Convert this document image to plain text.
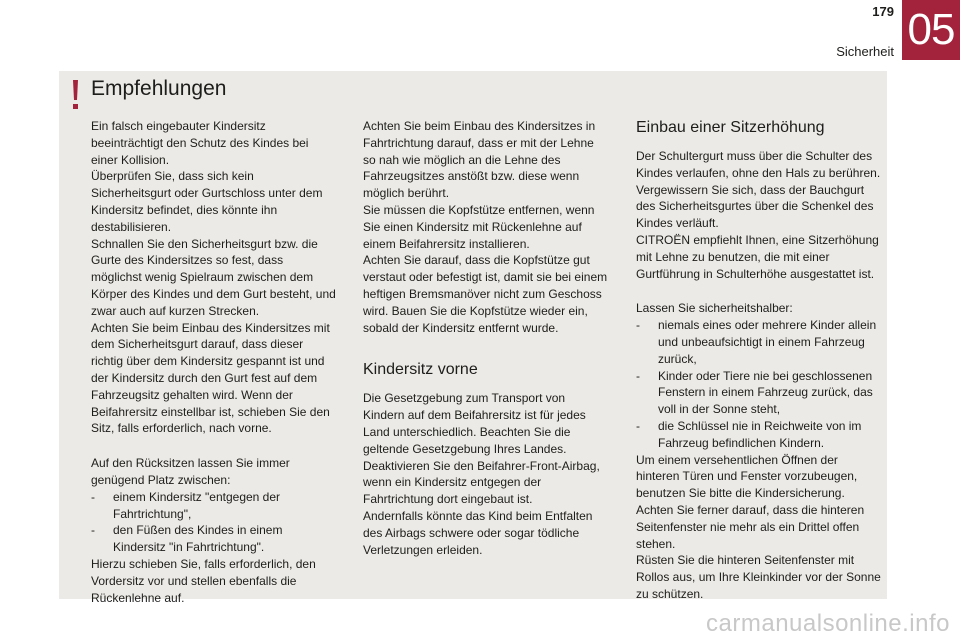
179
Sicherheit 05
Empfehlungen

Ein falsch eingebauter Kindersitz beeinträchtigt den Schutz des Kindes bei einer Kollision.

Überprüfen Sie, dass sich kein Sicherheitsgurt oder Gurtschloss unter dem Kindersitz befindet, dies könnte ihn destabilisieren.

Schnallen Sie den Sicherheitsgurt bzw. die Gurte des Kindersitzes so fest, dass möglichst wenig Spielraum zwischen dem Körper des Kindes und dem Gurt besteht, und zwar auch auf kurzen Strecken.

Achten Sie beim Einbau des Kindersitzes mit dem Sicherheitsgurt darauf, dass dieser richtig über dem Kindersitz gespannt ist und der Kindersitz durch den Gurt fest auf dem Fahrzeugsitz gehalten wird. Wenn der Beifahrersitz einstellbar ist, schieben Sie den Sitz, falls erforderlich, nach vorne.

Auf den Rücksitzen lassen Sie immer genügend Platz zwischen:

- einem Kindersitz "entgegen der Fahrtrichtung",
- den Füßen des Kindes in einem Kindersitz "in Fahrtrichtung".

Hierzu schieben Sie, falls erforderlich, den Vordersitz vor und stellen ebenfalls die Rückenlehne auf.

Achten Sie beim Einbau des Kindersitzes in Fahrtrichtung darauf, dass er mit der Lehne so nah wie möglich an die Lehne des Fahrzeugsitzes anstößt bzw. diese wenn möglich berührt.

Sie müssen die Kopfstütze entfernen, wenn Sie einen Kindersitz mit Rückenlehne auf einem Beifahrersitz installieren.

Achten Sie darauf, dass die Kopfstütze gut verstaut oder befestigt ist, damit sie bei einem heftigen Bremsmanöver nicht zum Geschoss wird. Bauen Sie die Kopfstütze wieder ein, sobald der Kindersitz entfernt wurde.

Kindersitz vorne

Die Gesetzgebung zum Transport von Kindern auf dem Beifahrersitz ist für jedes Land unterschiedlich. Beachten Sie die geltende Gesetzgebung Ihres Landes.

Deaktivieren Sie den Beifahrer-Front-Airbag, wenn ein Kindersitz entgegen der Fahrtrichtung dort eingebaut ist.

Andernfalls könnte das Kind beim Entfalten des Airbags schwere oder sogar tödliche Verletzungen erleiden.

Einbau einer Sitzerhöhung

Der Schultergurt muss über die Schulter des Kindes verlaufen, ohne den Hals zu berühren.

Vergewissern Sie sich, dass der Bauchgurt des Sicherheitsgurtes über die Schenkel des Kindes verläuft.

CITROËN empfiehlt Ihnen, eine Sitzerhöhung mit Lehne zu benutzen, die mit einer Gurtführung in Schulterhöhe ausgestattet ist.

Lassen Sie sicherheitshalber:

- niemals eines oder mehrere Kinder allein und unbeaufsichtigt in einem Fahrzeug zurück,
- Kinder oder Tiere nie bei geschlossenen Fenstern in einem Fahrzeug zurück, das voll in der Sonne steht,
- die Schlüssel nie in Reichweite von im Fahrzeug befindlichen Kindern.

Um einem versehentlichen Öffnen der hinteren Türen und Fenster vorzubeugen, benutzen Sie bitte die Kindersicherung.

Achten Sie ferner darauf, dass die hinteren Seitenfenster nie mehr als ein Drittel offen stehen.

Rüsten Sie die hinteren Seitenfenster mit Rollos aus, um Ihre Kleinkinder vor der Sonne zu schützen.

carmanualsonline.info
